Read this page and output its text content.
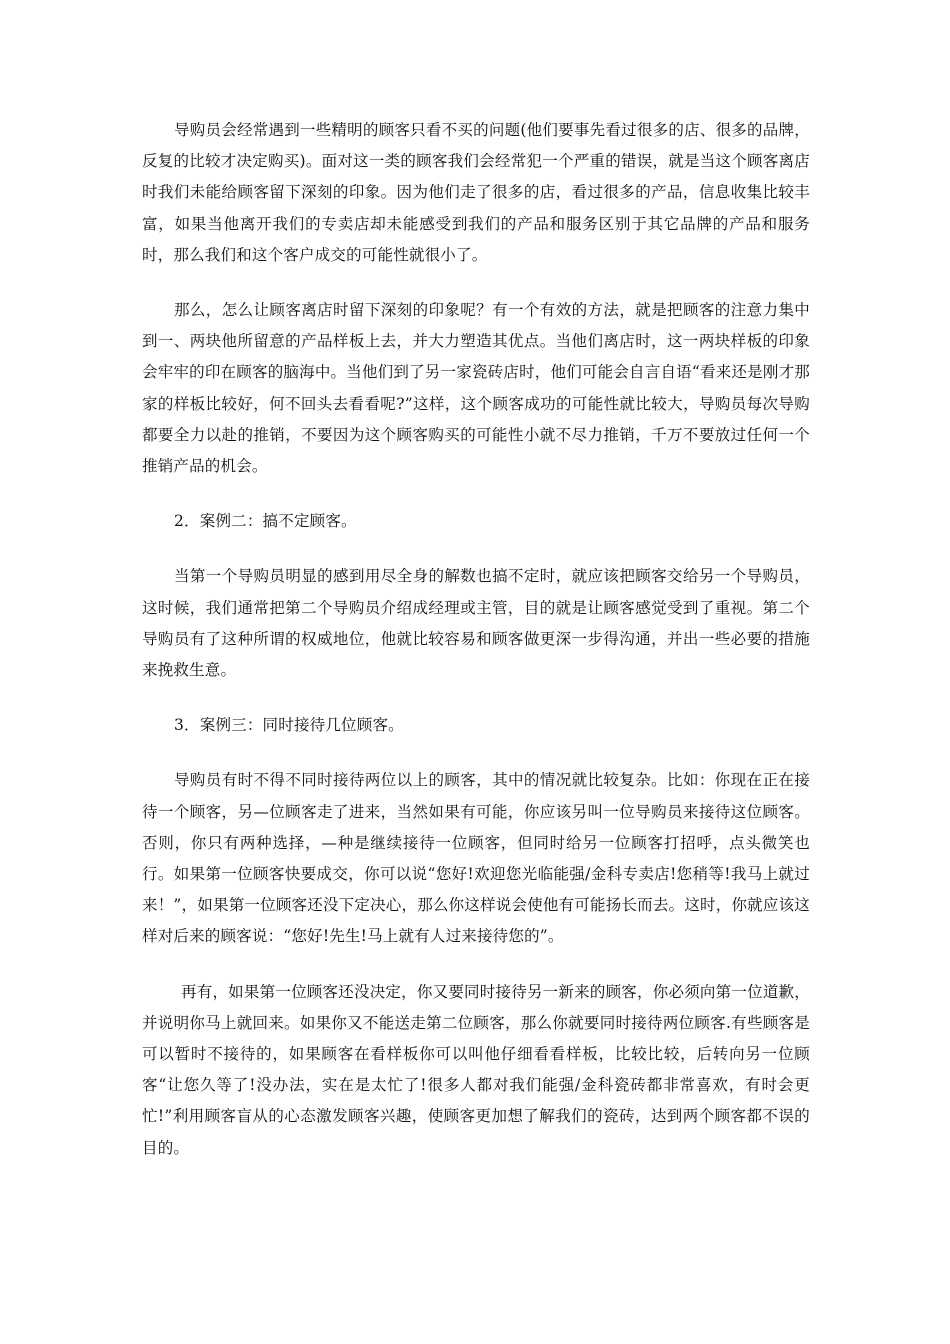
导购员会经常遇到一些精明的顾客只看不买的问题(他们要事先看过很多的店、很多的品牌，反复的比较才决定购买)。面对这一类的顾客我们会经常犯一个严重的错误，就是当这个顾客离店时我们未能给顾客留下深刻的印象。因为他们走了很多的店，看过很多的产品，信息收集比较丰富，如果当他离开我们的专卖店却未能感受到我们的产品和服务区别于其它品牌的产品和服务时，那么我们和这个客户成交的可能性就很小了。

那么，怎么让顾客离店时留下深刻的印象呢？有一个有效的方法，就是把顾客的注意力集中到一、两块他所留意的产品样板上去，并大力塑造其优点。当他们离店时，这一两块样板的印象会牢牢的印在顾客的脑海中。当他们到了另一家瓷砖店时，他们可能会自言自语“看来还是刚才那家的样板比较好，何不回头去看看呢?”这样，这个顾客成功的可能性就比较大，导购员每次导购都要全力以赴的推销，不要因为这个顾客购买的可能性小就不尽力推销，千万不要放过任何一个推销产品的机会。

2．案例二：搞不定顾客。

当第一个导购员明显的感到用尽全身的解数也搞不定时，就应该把顾客交给另一个导购员，这时候，我们通常把第二个导购员介绍成经理或主管，目的就是让顾客感觉受到了重视。第二个导购员有了这种所谓的权威地位，他就比较容易和顾客做更深一步得沟通，并出一些必要的措施来挽救生意。

3．案例三：同时接待几位顾客。

导购员有时不得不同时接待两位以上的顾客，其中的情况就比较复杂。比如：你现在正在接待一个顾客，另—位顾客走了进来，当然如果有可能，你应该另叫一位导购员来接待这位顾客。否则，你只有两种选择，—种是继续接待一位顾客，但同时给另一位顾客打招呼，点头微笑也行。如果第一位顾客快要成交，你可以说“您好!欢迎您光临能强/金科专卖店!您稍等!我马上就过来！”，如果第一位顾客还没下定决心，那么你这样说会使他有可能扬长而去。这时，你就应该这样对后来的顾客说：“您好!先生!马上就有人过来接待您的”。

再有，如果第一位顾客还没决定，你又要同时接待另一新来的顾客，你必须向第一位道歉，并说明你马上就回来。如果你又不能送走第二位顾客，那么你就要同时接待两位顾客.有些顾客是可以暂时不接待的，如果顾客在看样板你可以叫他仔细看看样板，比较比较，后转向另一位顾客“让您久等了!没办法，实在是太忙了!很多人都对我们能强/金科瓷砖都非常喜欢，有时会更忙!”利用顾客盲从的心态激发顾客兴趣，使顾客更加想了解我们的瓷砖，达到两个顾客都不误的目的。
